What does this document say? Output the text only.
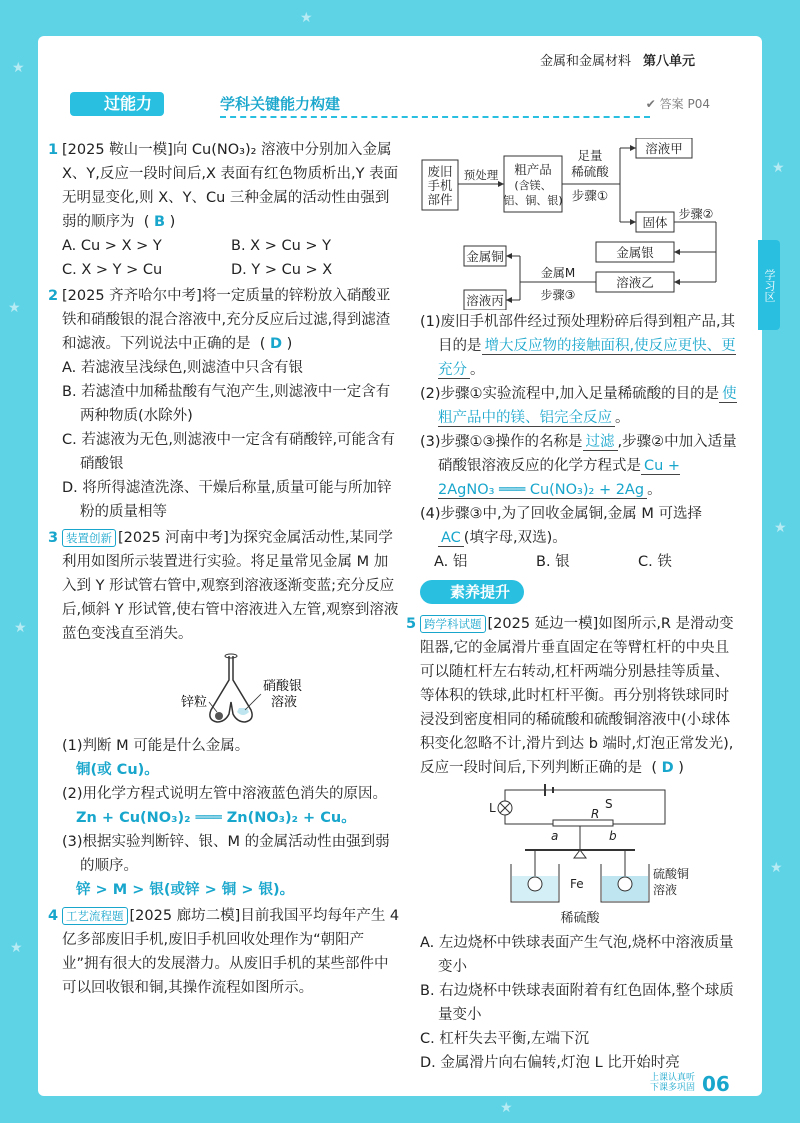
★
★
★
★
★
★
★
★
★
金属和金属材料 第八单元
学习区
过能力	学科关键能力构建	✔ 答案 P04
1 [2025 鞍山一模]向 Cu(NO₃)₂ 溶液中分别加入金属 X、Y,反应一段时间后,X 表面有红色物质析出,Y 表面无明显变化,则 X、Y、Cu 三种金属的活动性由强到弱的顺序为  ( B )
A. Cu > X > Y	B. X > Cu > Y
C. X > Y > Cu	D. Y > Cu > X
2 [2025 齐齐哈尔中考]将一定质量的锌粉放入硝酸亚铁和硝酸银的混合溶液中,充分反应后过滤,得到滤渣和滤液。下列说法中正确的是  ( D )
A. 若滤液呈浅绿色,则滤渣中只含有银
B. 若滤渣中加稀盐酸有气泡产生,则滤液中一定含有两种物质(水除外)
C. 若滤液为无色,则滤液中一定含有硝酸锌,可能含有硝酸银
D. 将所得滤渣洗涤、干燥后称量,质量可能与所加锌粉的质量相等
3 装置创新 [2025 河南中考]为探究金属活动性,某同学利用如图所示装置进行实验。将足量常见金属 M 加入到 Y 形试管右管中,观察到溶液逐渐变蓝;充分反应后,倾斜 Y 形试管,使右管中溶液进入左管,观察到溶液蓝色变浅直至消失。
锌粒
硝酸银
溶液
(1)判断 M 可能是什么金属。
铜(或 Cu)。
(2)用化学方程式说明左管中溶液蓝色消失的原因。
Zn + Cu(NO₃)₂ ═══ Zn(NO₃)₂ + Cu。
(3)根据实验判断锌、银、M 的金属活动性由强到弱的顺序。
锌 > M > 银(或锌 > 铜 > 银)。
4 工艺流程题 [2025 廊坊二模]目前我国平均每年产生 4 亿多部废旧手机,废旧手机回收处理作为“朝阳产业”拥有很大的发展潜力。从废旧手机的某些部件中可以回收银和铜,其操作流程如图所示。
废旧
手机
部件
预处理 粗产品
(含镁、
铝、铜、银)
足量
稀硫酸
步骤①
溶液甲
固体
步骤②
金属银
溶液乙
金属M
步骤③
金属铜
溶液丙
(1)废旧手机部件经过预处理粉碎后得到粗产品,其目的是 增大反应物的接触面积,使反应更快、更充分 。
(2)步骤①实验流程中,加入足量稀硫酸的目的是 使粗产品中的镁、铝完全反应 。
(3)步骤①③操作的名称是 过滤 ,步骤②中加入适量硝酸银溶液反应的化学方程式是 Cu + 2AgNO₃ ═══ Cu(NO₃)₂ + 2Ag 。
(4)步骤③中,为了回收金属铜,金属 M 可选择AC (填字母,双选)。
A. 铝	B. 银	C. 铁
素养提升
5 跨学科试题 [2025 延边一模]如图所示,R 是滑动变阻器,它的金属滑片垂直固定在等臂杠杆的中央且可以随杠杆左右转动,杠杆两端分别悬挂等质量、等体积的铁球,此时杠杆平衡。再分别将铁球同时浸没到密度相同的稀硫酸和硫酸铜溶液中(小球体积变化忽略不计,滑片到达 b 端时,灯泡正常发光),反应一段时间后,下列判断正确的是  ( D )
L	S
R
a	b
Fe
硫酸铜
溶液
稀硫酸
A. 左边烧杯中铁球表面产生气泡,烧杯中溶液质量变小
B. 右边烧杯中铁球表面附着有红色固体,整个球质量变小
C. 杠杆失去平衡,左端下沉
D. 金属滑片向右偏转,灯泡 L 比开始时亮
上课认真听
下课多巩固 06
